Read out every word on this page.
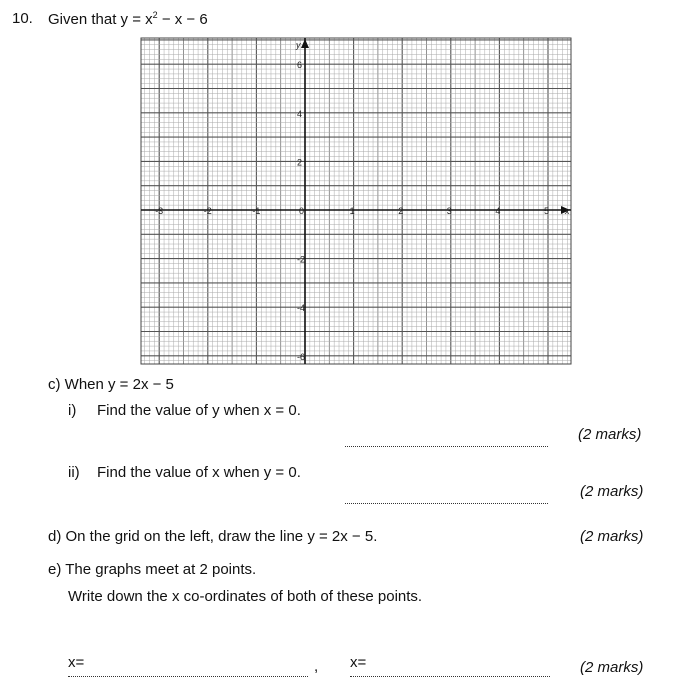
10. Given that $y = x^2 - x - 6$
x
y
-3	-2	-1	0	1	2	3	4	5
6
4
2
-2
-4
-6
c) When y = 2x − 5
i) Find the value of y when x = 0.
(2 marks)
ii) Find the value of x when y = 0.
(2 marks)
d) On the grid on the left, draw the line y = 2x − 5.	(2 marks)
e) The graphs meet at 2 points.
Write down the x co-ordinates of both of these points.
x=	, x=	(2 marks)
